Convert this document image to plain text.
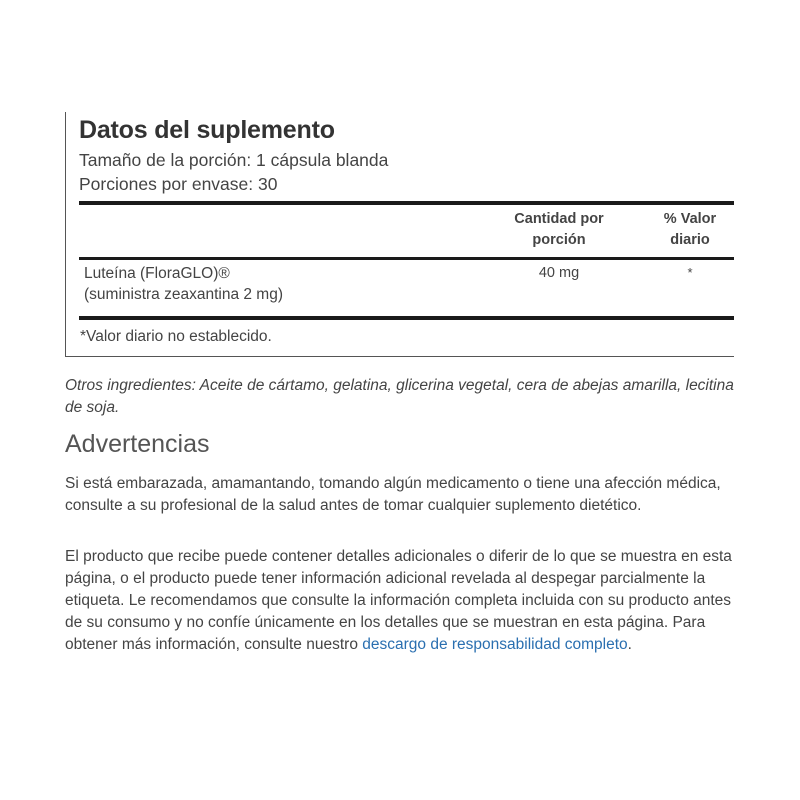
Datos del suplemento
Tamaño de la porción: 1 cápsula blanda
Porciones por envase: 30
Cantidad por
porción
% Valor
diario
Luteína (FloraGLO)®
(suministra zeaxantina 2 mg)
40 mg	*
*Valor diario no establecido.

Otros ingredientes: Aceite de cártamo, gelatina, glicerina vegetal, cera de abejas amarilla, lecitina de soja.

Advertencias

Si está embarazada, amamantando, tomando algún medicamento o tiene una afección médica, consulte a su profesional de la salud antes de tomar cualquier suplemento dietético.

El producto que recibe puede contener detalles adicionales o diferir de lo que se muestra en esta página, o el producto puede tener información adicional revelada al despegar parcialmente la etiqueta. Le recomendamos que consulte la información completa incluida con su producto antes de su consumo y no confíe únicamente en los detalles que se muestran en esta página. Para obtener más información, consulte nuestro descargo de responsabilidad completo.
